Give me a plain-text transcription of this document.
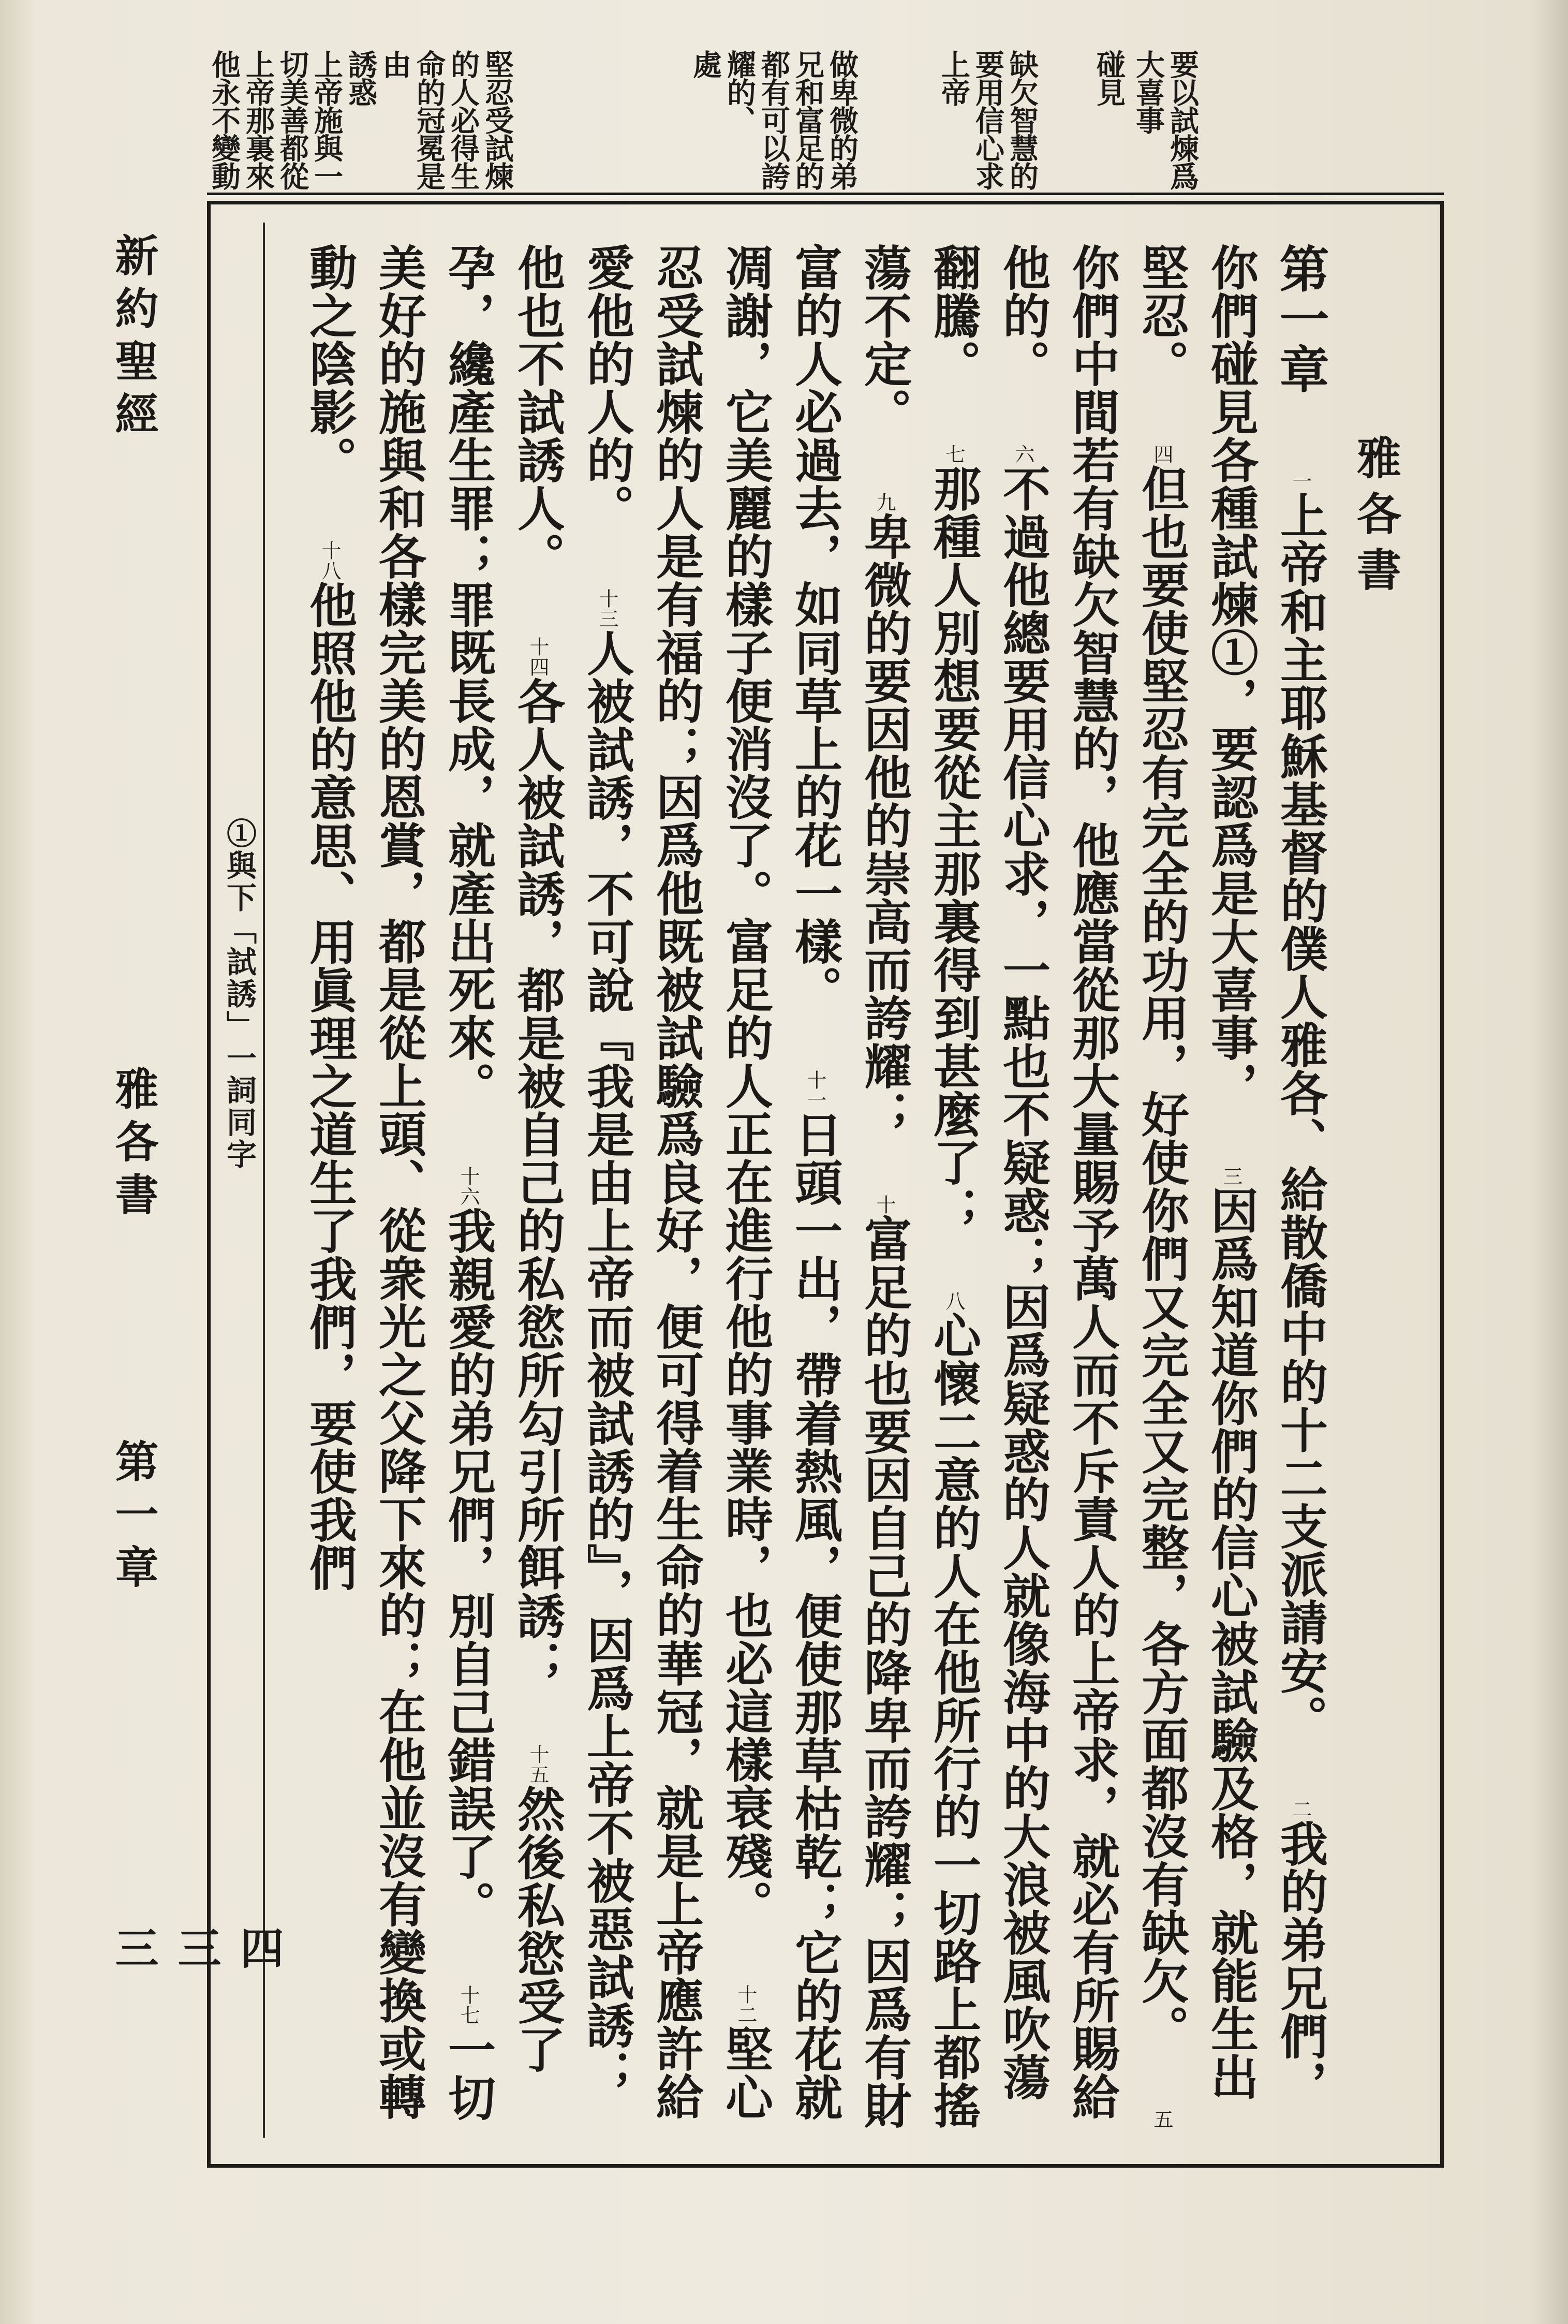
要以試煉爲大喜事
碰見
缺欠智慧的要用信心求上帝
做卑微的弟兄和富足的都有可以誇耀的、
處
堅忍受試煉的人必得生命的冠冕是由
誘惑
上帝施與一切美善都從上帝那裏來
他永不變動
雅各書
第一章 一上帝和主耶穌基督的僕人雅各、給散僑中的十二支派請安。 二我的弟兄們，你們碰見各種試煉①，要認爲是大喜事， 三因爲知道你們的信心被試驗及格，就能生出堅忍。 四但也要使堅忍有完全的功用，好使你們又完全又完整，各方面都沒有缺欠。 五你們中間若有缺欠智慧的，他應當從那大量賜予萬人而不斥責人的上帝求，就必有所賜給他的。 六不過他總要用信心求，一點也不疑惑；因爲疑惑的人就像海中的大浪被風吹蕩翻騰。 七那種人別想要從主那裏得到甚麼了； 八心懷二意的人在他所行的一切路上都搖蕩不定。 九卑微的要因他的崇高而誇耀； 十富足的也要因自己的降卑而誇耀；因爲有財富的人必過去，如同草上的花一樣。 十一日頭一出，帶着熱風，便使那草枯乾；它的花就凋謝，它美麗的樣子便消沒了。富足的人正在進行他的事業時，也必這樣衰殘。 十二堅心忍受試煉的人是有福的；因爲他既被試驗爲良好，便可得着生命的華冠，就是上帝應許給愛他的人的。 十三人被試誘，不可說『我是由上帝而被試誘的』，因爲上帝不被惡試誘；他也不試誘人。 十四各人被試誘，都是被自己的私慾所勾引所餌誘； 十五然後私慾受了孕，纔產生罪；罪既長成，就產出死來。 十六我親愛的弟兄們，別自己錯誤了。 十七一切美好的施與和各樣完美的恩賞，都是從上頭、從衆光之父降下來的；在他並沒有變換或轉動之陰影。 十八他照他的意思、用眞理之道生了我們，要使我們
①與下「試誘」一詞同字
新約聖經
雅各書
第一章
四三三
